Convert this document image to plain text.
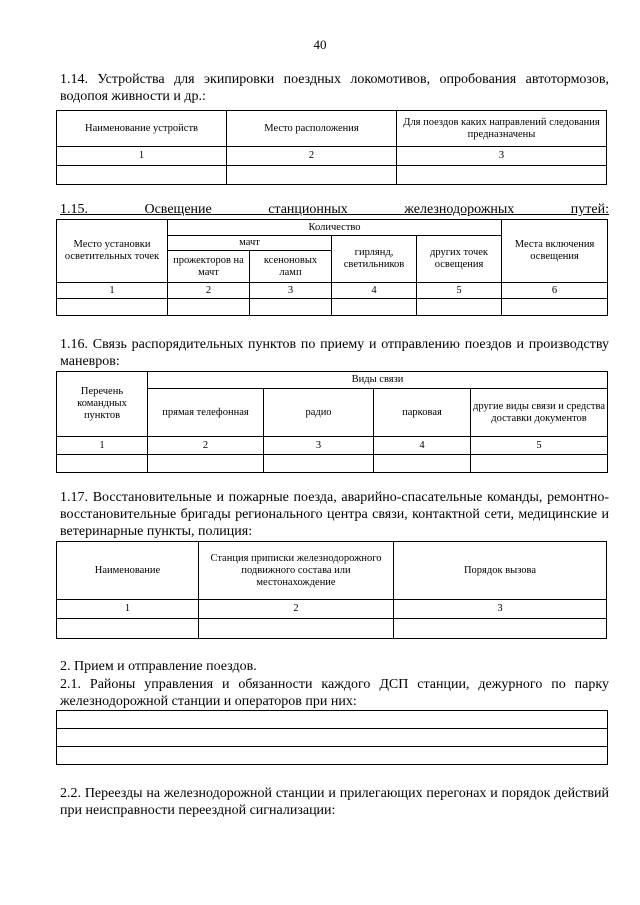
40
1.14. Устройства для экипировки поездных локомотивов, опробования автотормозов, водопоя живности и др.:
Наименование устройств	Место расположения	Для поездов каких направлений следования предназначены
1	2	3

1.15. Освещение станционных железнодорожных путей:
Место установки осветительных точек	Количество				Места включения освещения
	мачт		гирлянд, светильников	других точек освещения	
	прожекторов на мачт	ксеноновых ламп			
1	2	3	4	5	6

1.16. Связь распорядительных пунктов по приему и отправлению поездов и производству маневров:
Перечень командных пунктов	Виды связи			
	прямая телефонная	радио	парковая	другие виды связи и средства доставки документов
1	2	3	4	5

1.17. Восстановительные и пожарные поезда, аварийно-спасательные команды, ремонтно-восстановительные бригады регионального центра связи, контактной сети, медицинские и ветеринарные пункты, полиция:
Наименование	Станция приписки железнодорожного подвижного состава или местонахождение	Порядок вызова
1	2	3

2. Прием и отправление поездов.
2.1. Районы управления и обязанности каждого ДСП станции, дежурного по парку железнодорожной станции и операторов при них:

2.2. Переезды на железнодорожной станции и прилегающих перегонах и порядок действий при неисправности переездной сигнализации:
